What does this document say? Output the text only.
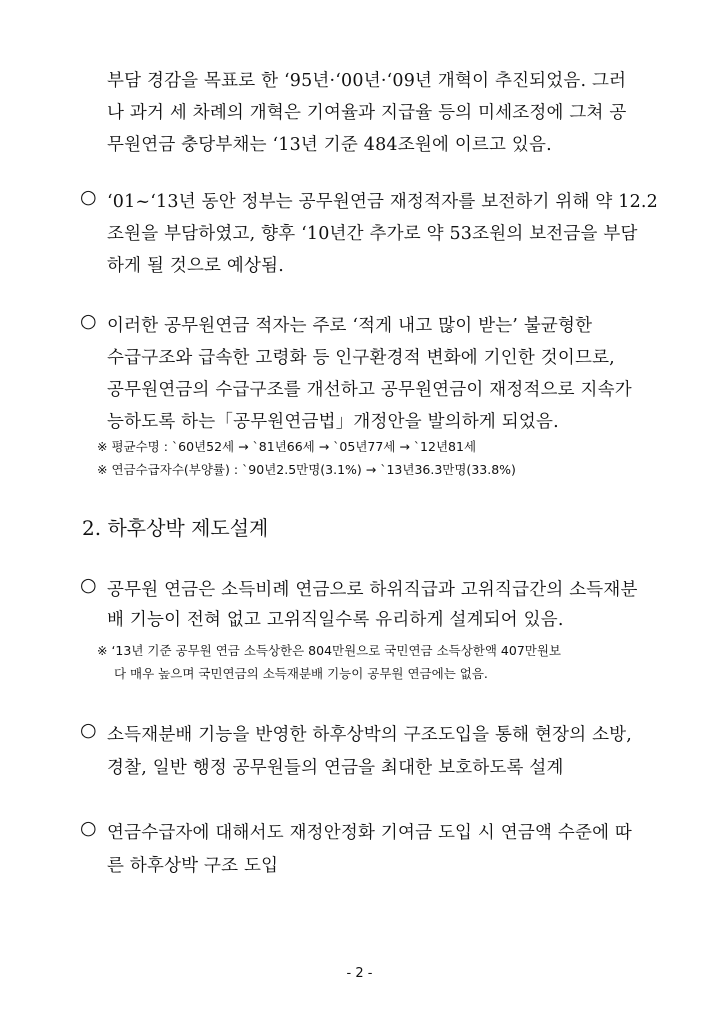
부담 경감을 목표로 한 ‘95년·‘00년·‘09년 개혁이 추진되었음. 그러
나 과거 세 차례의 개혁은 기여율과 지급율 등의 미세조정에 그쳐 공
무원연금 충당부채는 ‘13년 기준 484조원에 이르고 있음.
○ ‘01~‘13년 동안 정부는 공무원연금 재정적자를 보전하기 위해 약 12.2
조원을 부담하였고, 향후 ‘10년간 추가로 약 53조원의 보전금을 부담
하게 될 것으로 예상됨.
○ 이러한 공무원연금 적자는 주로 ‘적게 내고 많이 받는’ 불균형한
수급구조와 급속한 고령화 등 인구환경적 변화에 기인한 것이므로,
공무원연금의 수급구조를 개선하고 공무원연금이 재정적으로 지속가
능하도록 하는「공무원연금법」개정안을 발의하게 되었음.
※ 평균수명 : `60년52세 → `81년66세 → `05년77세 → `12년81세
※ 연금수급자수(부양률) : `90년2.5만명(3.1%) → `13년36.3만명(33.8%)
2. 하후상박 제도설계
○ 공무원 연금은 소득비례 연금으로 하위직급과 고위직급간의 소득재분
배 기능이 전혀 없고 고위직일수록 유리하게 설계되어 있음.
※ ‘13년 기준 공무원 연금 소득상한은 804만원으로 국민연금 소득상한액 407만원보
다 매우 높으며 국민연금의 소득재분배 기능이 공무원 연금에는 없음.
○ 소득재분배 기능을 반영한 하후상박의 구조도입을 통해 현장의 소방,
경찰, 일반 행정 공무원들의 연금을 최대한 보호하도록 설계
○ 연금수급자에 대해서도 재정안정화 기여금 도입 시 연금액 수준에 따
른 하후상박 구조 도입
- 2 -
